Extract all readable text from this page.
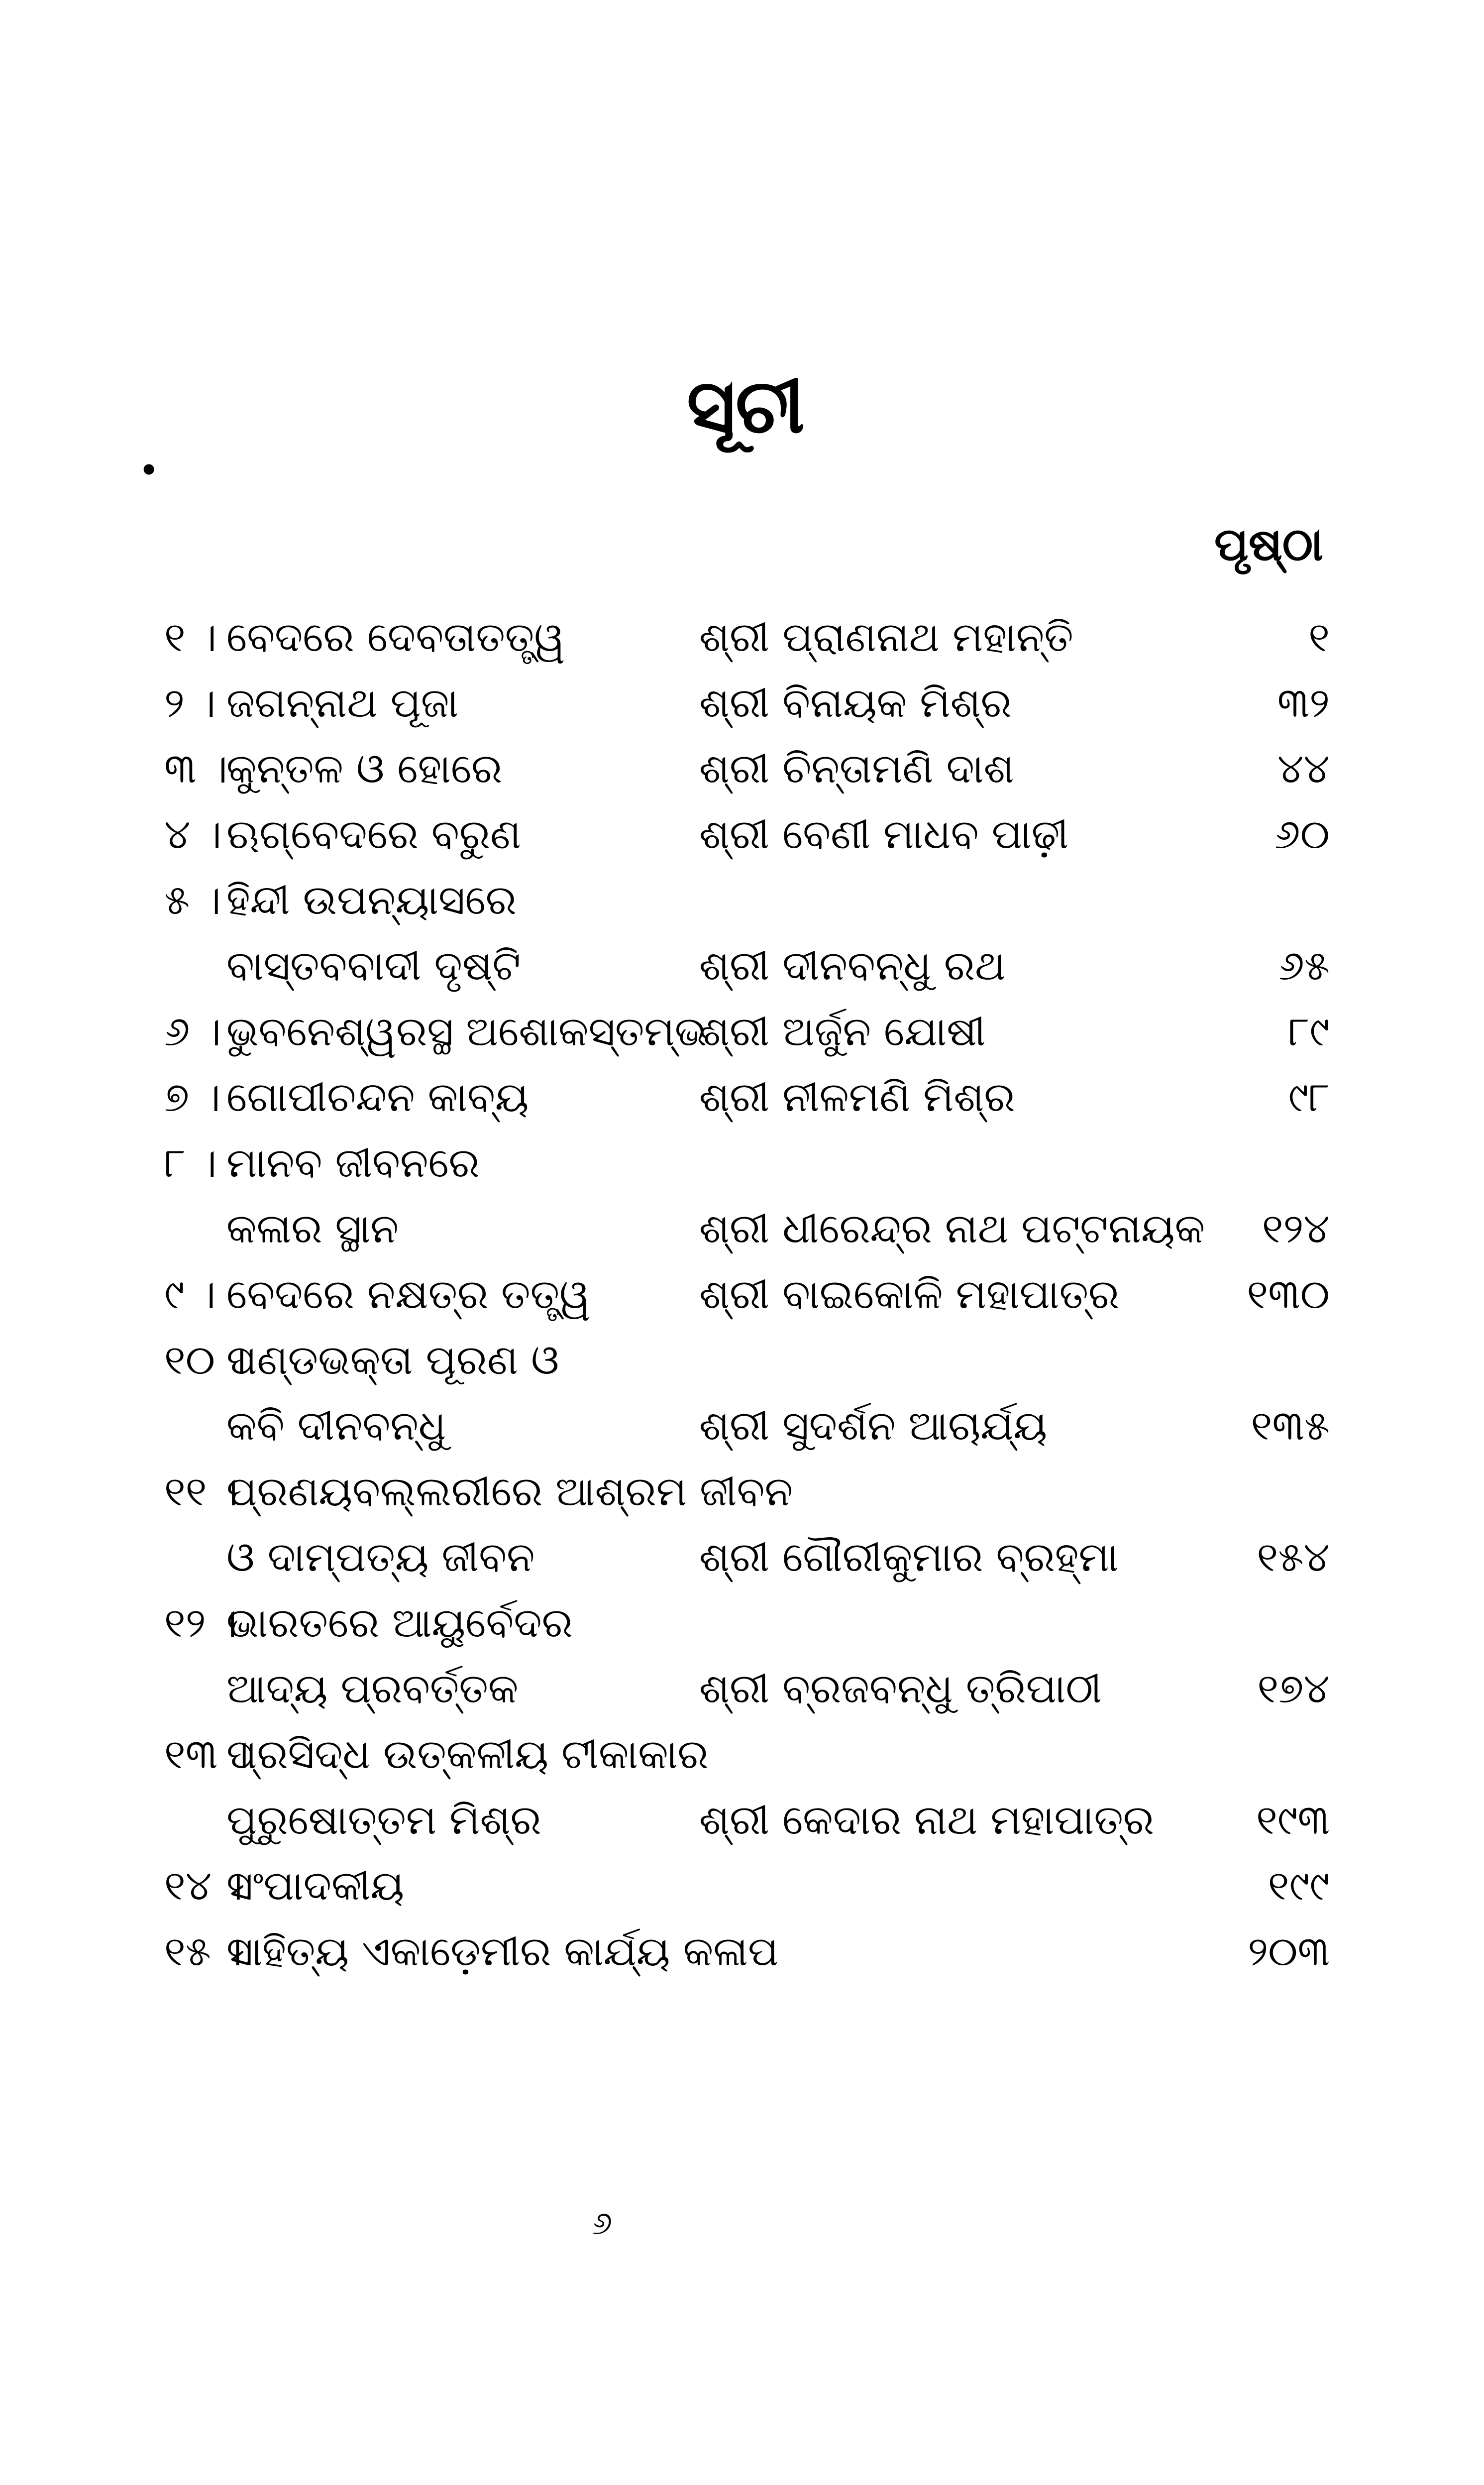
•
ସୂଚୀ
ପୃଷ୍ଠା
୧ । ବେଦରେ ଦେବତାତତ୍ତ୍ୱ	ଶ୍ରୀ ପ୍ରାଣନାଥ ମହାନ୍ତି	୧
୨ । ଜଗନ୍ନାଥ ପୂଜା	ଶ୍ରୀ ବିନାୟକ ମିଶ୍ର	୩୨
୩ ।
କୁନ୍ତଳ ଓ ହୋରେ	ଶ୍ରୀ ଚିନ୍ତାମଣି ଦାଶ	୪୪
୪ । ଋଗ୍‌ବେଦରେ ବରୁଣ	ଶ୍ରୀ ବେଣୀ ମାଧବ ପାଢ଼ୀ	୬୦
୫ । ହିନ୍ଦୀ ଉପନ୍ୟାସରେ
ବାସ୍ତବବାଦୀ ଦୃଷ୍ଟି	ଶ୍ରୀ ଦୀନବନ୍ଧୁ ରଥ	୬୫
୬ । ଭୁବନେଶ୍ୱରସ୍ଥ ଅଶୋକସ୍ତମ୍ଭ
ଶ୍ରୀ ଅର୍ଜୁନ ଯୋଷୀ	୮୯
୭ । ଗୋପୀଚନ୍ଦନ କାବ୍ୟ	ଶ୍ରୀ ନୀଳମଣି ମିଶ୍ର	୯୮
୮ । ମାନବ ଜୀବନରେ
କଳାର ସ୍ଥାନ	ଶ୍ରୀ ଧୀରେନ୍ଦ୍ର ନାଥ ପଟ୍ଟନାୟକ ୧୨୪
୯ । ବେଦରେ ନକ୍ଷତ୍ର ତତ୍ତ୍ୱ	ଶ୍ରୀ ବାଇକୋଳି ମହାପାତ୍ର	୧୩୦
୧୦ ।
ପଣ୍ଡଭକ୍ତା ପୂରଣ ଓ
କବି ଦୀନବନ୍ଧୁ	ଶ୍ରୀ ସୁଦର୍ଶନ ଆଚାର୍ଯ୍ୟ	୧୩୫
୧୧ ।
ପ୍ରଣୟବଲ୍ଲରୀରେ ଆଶ୍ରମ ଜୀବନ
ଓ ଦାମ୍ପତ୍ୟ ଜୀବନ	ଶ୍ରୀ ଗୌରୀକୁମାର ବ୍ରହ୍ମା	୧୫୪
୧୨ ।
ଭାରତରେ ଆୟୁର୍ବେଦର
ଆଦ୍ୟ ପ୍ରବର୍ତ୍ତକ	ଶ୍ରୀ ବ୍ରଜବନ୍ଧୁ ତ୍ରିପାଠୀ	୧୭୪
୧୩ ।
ପ୍ରସିଦ୍ଧ ଉତ୍କଳୀୟ ଟୀକାକାର
ପୁରୁଷୋତ୍ତମ ମିଶ୍ର	ଶ୍ରୀ କେଦାର ନାଥ ମହାପାତ୍ର	୧୯୩
୧୪ ।
ସଂପାଦକୀୟ	୧୯୯
୧୫ ।
ସାହିତ୍ୟ ଏକାଡ଼େମୀର କାର୍ଯ୍ୟ କଳାପ	୨୦୩
୬
